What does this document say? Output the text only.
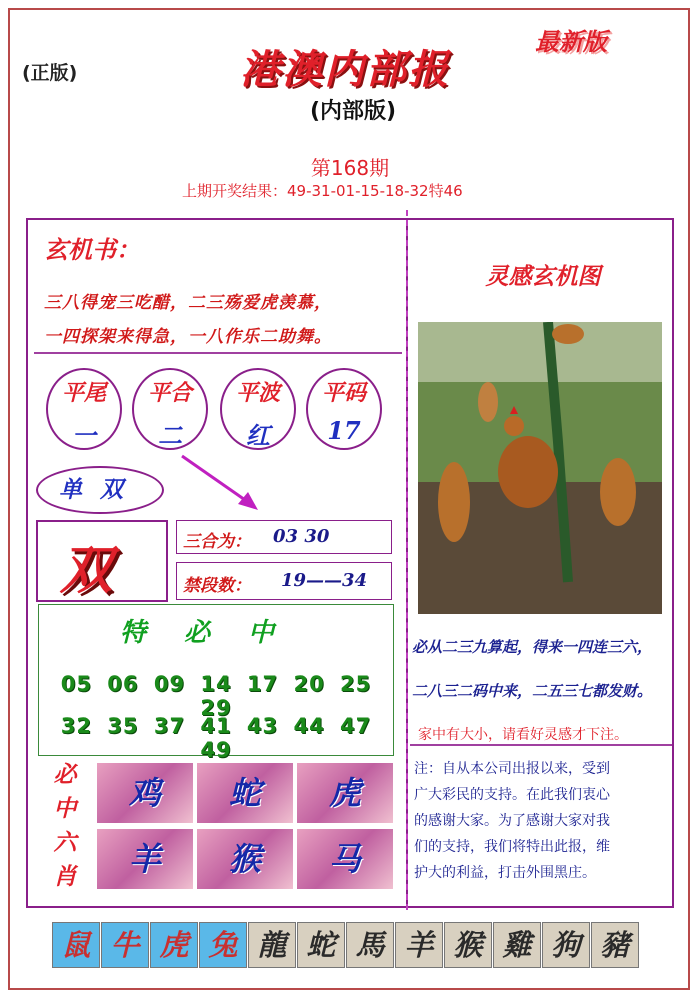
(正版)
最新版
港澳内部报
(内部版)
第168期
上期开奖结果：49-31-01-15-18-32特46
玄机书：
三八得宠三吃醋，二三殇爱虎羡慕，
一四探架来得急，一八作乐二助舞。
平尾
一
平合
二
平波
红
平码
17
单双
双	三合为： 03 30
禁段数： 19——34
特必中
05 06 09 14 17 20 25 29
32 35 37 41 43 44 47 49
必中六肖
鸡	蛇	虎
羊	猴	马
灵感玄机图
必从二三九算起，得来一四连三六，
二八三二码中来，二五三七都发财。
家中有大小，请看好灵感才下注。
注：自从本公司出报以来，受到
广大彩民的支持。在此我们衷心
的感谢大家。为了感谢大家对我
们的支持，我们将特出此报，维
护大的利益，打击外围黑庄。
鼠 牛 虎 兔 龍 蛇 馬 羊 猴 雞 狗 豬
